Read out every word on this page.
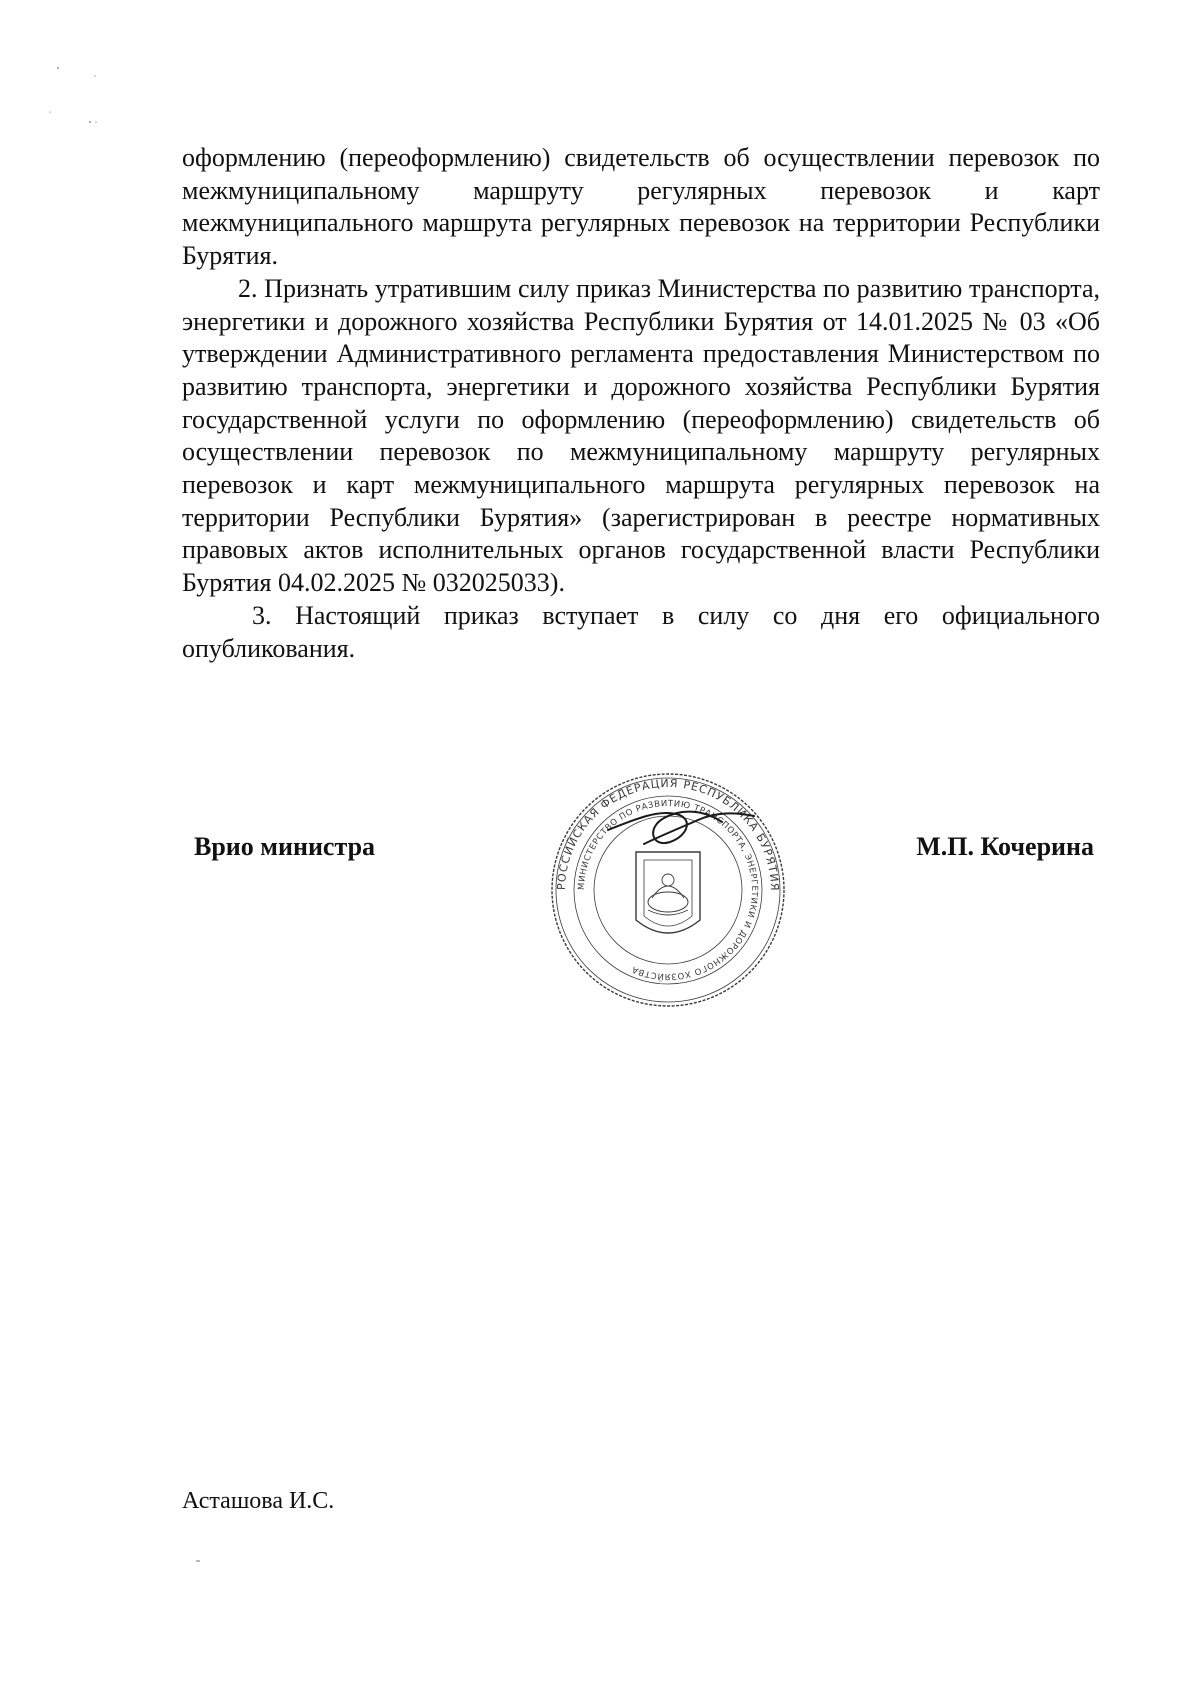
оформлению (переоформлению) свидетельств об осуществлении перевозок по межмуниципальному маршруту регулярных перевозок и карт межмуниципального маршрута регулярных перевозок на территории Республики Бурятия.

2. Признать утратившим силу приказ Министерства по развитию транспорта, энергетики и дорожного хозяйства Республики Бурятия от 14.01.2025 № 03 «Об утверждении Административного регламента предоставления Министерством по развитию транспорта, энергетики и дорожного хозяйства Республики Бурятия государственной услуги по оформлению (переоформлению) свидетельств об осуществлении перевозок по межмуниципальному маршруту регулярных перевозок и карт межмуниципального маршрута регулярных перевозок на территории Республики Бурятия» (зарегистрирован в реестре нормативных правовых актов исполнительных органов государственной власти Республики Бурятия 04.02.2025 № 032025033).

3. Настоящий приказ вступает в силу со дня его официального опубликования.

Врио министра
РОССИЙСКАЯ ФЕДЕРАЦИЯ РЕСПУБЛИКА БУРЯТИЯ
МИНИСТЕРСТВО ПО РАЗВИТИЮ ТРАНСПОРТА, ЭНЕРГЕТИКИ И ДОРОЖНОГО ХОЗЯЙСТВА
М.П. Кочерина
Асташова И.С.
